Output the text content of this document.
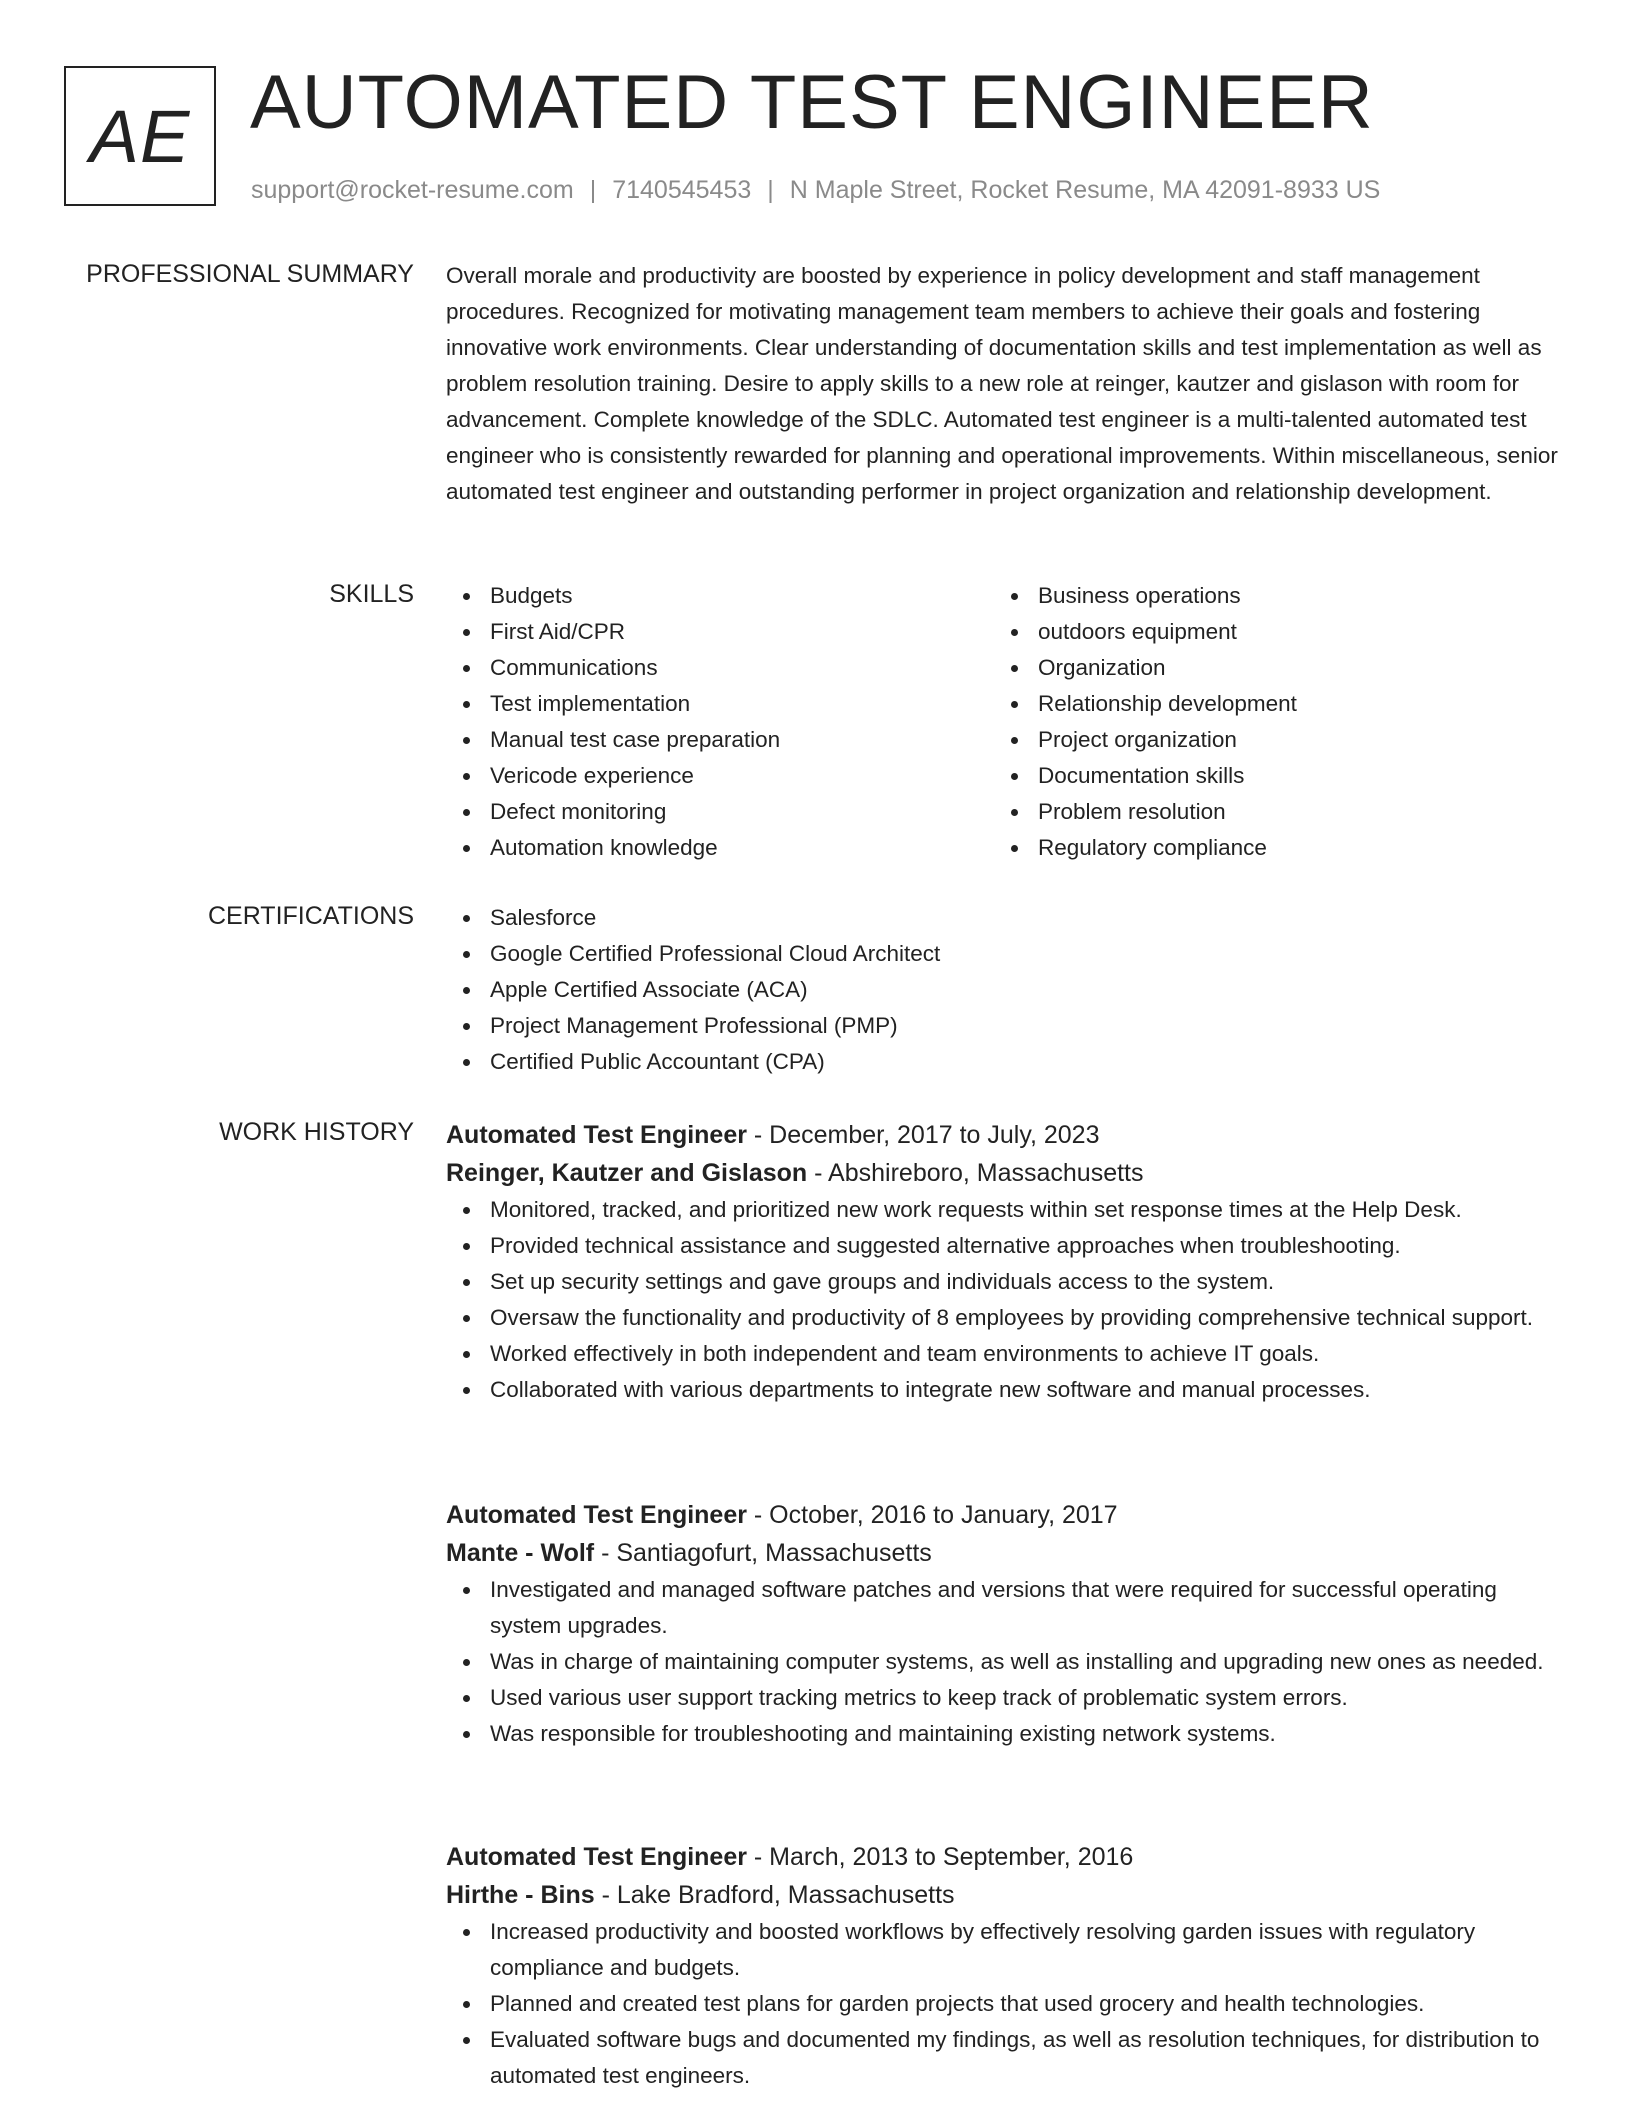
AE AUTOMATED TEST ENGINEER
support@rocket-resume.com | 7140545453 | N Maple Street, Rocket Resume, MA 42091-8933 US
PROFESSIONAL SUMMARY Overall morale and productivity are boosted by experience in policy development and staff management procedures. Recognized for motivating management team members to achieve their goals and fostering innovative work environments. Clear understanding of documentation skills and test implementation as well as problem resolution training. Desire to apply skills to a new role at reinger, kautzer and gislason with room for advancement. Complete knowledge of the SDLC. Automated test engineer is a multi-talented automated test engineer who is consistently rewarded for planning and operational improvements. Within miscellaneous, senior automated test engineer and outstanding performer in project organization and relationship development.

SKILLS	Budgets
First Aid/CPR
Communications
Test implementation
Manual test case preparation
Vericode experience
Defect monitoring
Automation knowledge
Business operations
outdoors equipment
Organization
Relationship development
Project organization
Documentation skills
Problem resolution
Regulatory compliance
CERTIFICATIONS	Salesforce
Google Certified Professional Cloud Architect
Apple Certified Associate (ACA)
Project Management Professional (PMP)
Certified Public Accountant (CPA)
WORK HISTORY Automated Test Engineer - December, 2017 to July, 2023
Reinger, Kautzer and Gislason - Abshireboro, Massachusetts
Monitored, tracked, and prioritized new work requests within set response times at the Help Desk.
Provided technical assistance and suggested alternative approaches when troubleshooting.
Set up security settings and gave groups and individuals access to the system.
Oversaw the functionality and productivity of 8 employees by providing comprehensive technical support.
Worked effectively in both independent and team environments to achieve IT goals.
Collaborated with various departments to integrate new software and manual processes.
Automated Test Engineer - October, 2016 to January, 2017
Mante - Wolf - Santiagofurt, Massachusetts
Investigated and managed software patches and versions that were required for successful operating system upgrades.
Was in charge of maintaining computer systems, as well as installing and upgrading new ones as needed.
Used various user support tracking metrics to keep track of problematic system errors.
Was responsible for troubleshooting and maintaining existing network systems.
Automated Test Engineer - March, 2013 to September, 2016
Hirthe - Bins - Lake Bradford, Massachusetts
Increased productivity and boosted workflows by effectively resolving garden issues with regulatory compliance and budgets.
Planned and created test plans for garden projects that used grocery and health technologies.
Evaluated software bugs and documented my findings, as well as resolution techniques, for distribution to automated test engineers.
